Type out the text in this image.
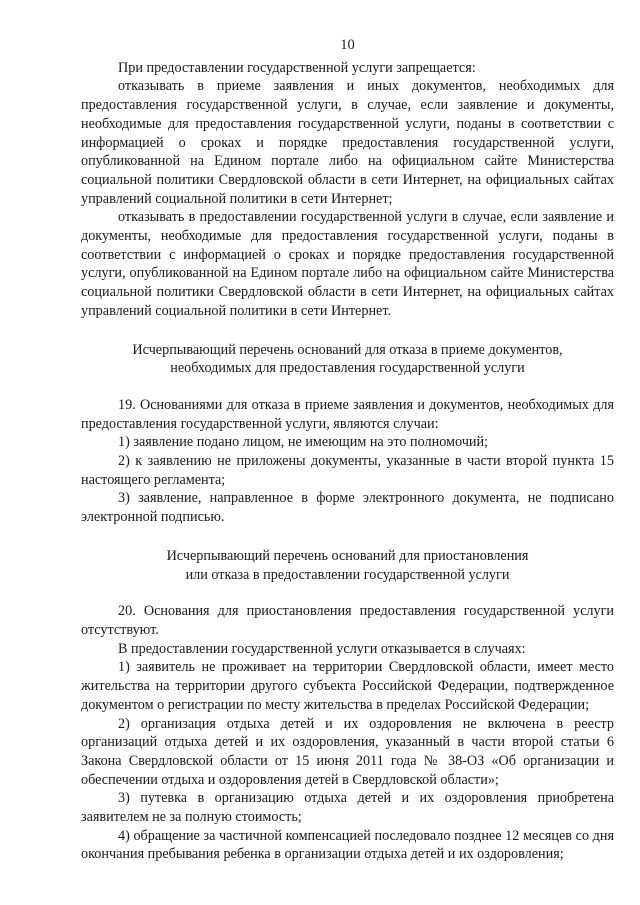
10

При предоставлении государственной услуги запрещается:

отказывать в приеме заявления и иных документов, необходимых для предоставления государственной услуги, в случае, если заявление и документы, необходимые для предоставления государственной услуги, поданы в соответствии с информацией о сроках и порядке предоставления государственной услуги, опубликованной на Едином портале либо на официальном сайте Министерства социальной политики Свердловской области в сети Интернет, на официальных сайтах управлений социальной политики в сети Интернет;

отказывать в предоставлении государственной услуги в случае, если заявление и документы, необходимые для предоставления государственной услуги, поданы в соответствии с информацией о сроках и порядке предоставления государственной услуги, опубликованной на Едином портале либо на официальном сайте Министерства социальной политики Свердловской области в сети Интернет, на официальных сайтах управлений социальной политики в сети Интернет.

Исчерпывающий перечень оснований для отказа в приеме документов,
необходимых для предоставления государственной услуги

19. Основаниями для отказа в приеме заявления и документов, необходимых для предоставления государственной услуги, являются случаи:

1) заявление подано лицом, не имеющим на это полномочий;

2) к заявлению не приложены документы, указанные в части второй пункта 15 настоящего регламента;

3) заявление, направленное в форме электронного документа, не подписано электронной подписью.

Исчерпывающий перечень оснований для приостановления
или отказа в предоставлении государственной услуги

20. Основания для приостановления предоставления государственной услуги отсутствуют.

В предоставлении государственной услуги отказывается в случаях:

1) заявитель не проживает на территории Свердловской области, имеет место жительства на территории другого субъекта Российской Федерации, подтвержденное документом о регистрации по месту жительства в пределах Российской Федерации;

2) организация отдыха детей и их оздоровления не включена в реестр организаций отдыха детей и их оздоровления, указанный в части второй статьи 6 Закона Свердловской области от 15 июня 2011 года № 38-ОЗ «Об организации и обеспечении отдыха и оздоровления детей в Свердловской области»;

3) путевка в организацию отдыха детей и их оздоровления приобретена заявителем не за полную стоимость;

4) обращение за частичной компенсацией последовало позднее 12 месяцев со дня окончания пребывания ребенка в организации отдыха детей и их оздоровления;
